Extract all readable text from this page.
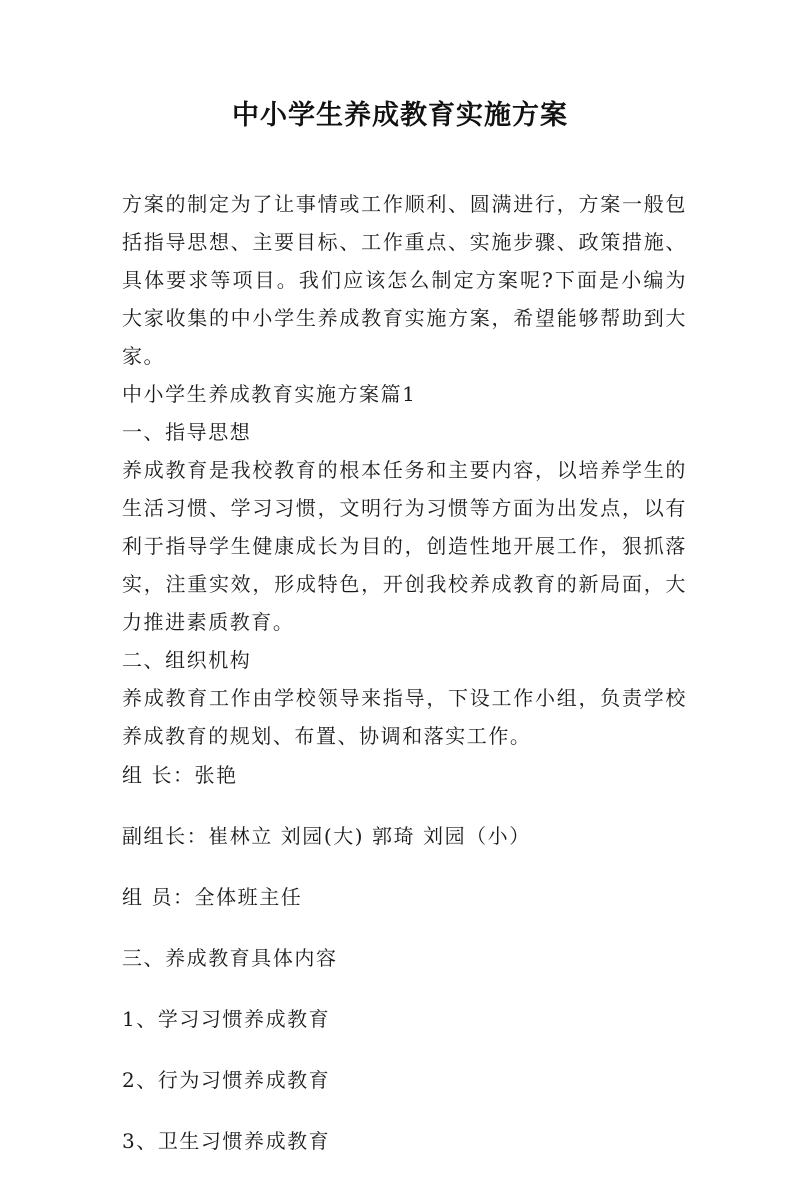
中小学生养成教育实施方案

方案的制定为了让事情或工作顺利、圆满进行，方案一般包括指导思想、主要目标、工作重点、实施步骤、政策措施、具体要求等项目。我们应该怎么制定方案呢?下面是小编为大家收集的中小学生养成教育实施方案，希望能够帮助到大家。

中小学生养成教育实施方案篇1

一、指导思想

养成教育是我校教育的根本任务和主要内容，以培养学生的生活习惯、学习习惯，文明行为习惯等方面为出发点，以有利于指导学生健康成长为目的，创造性地开展工作，狠抓落实，注重实效，形成特色，开创我校养成教育的新局面，大力推进素质教育。

二、组织机构

养成教育工作由学校领导来指导，下设工作小组，负责学校养成教育的规划、布置、协调和落实工作。

组 长：张艳

副组长：崔林立 刘园(大) 郭琦 刘园（小）

组 员：全体班主任

三、养成教育具体内容

1、学习习惯养成教育

2、行为习惯养成教育

3、卫生习惯养成教育
